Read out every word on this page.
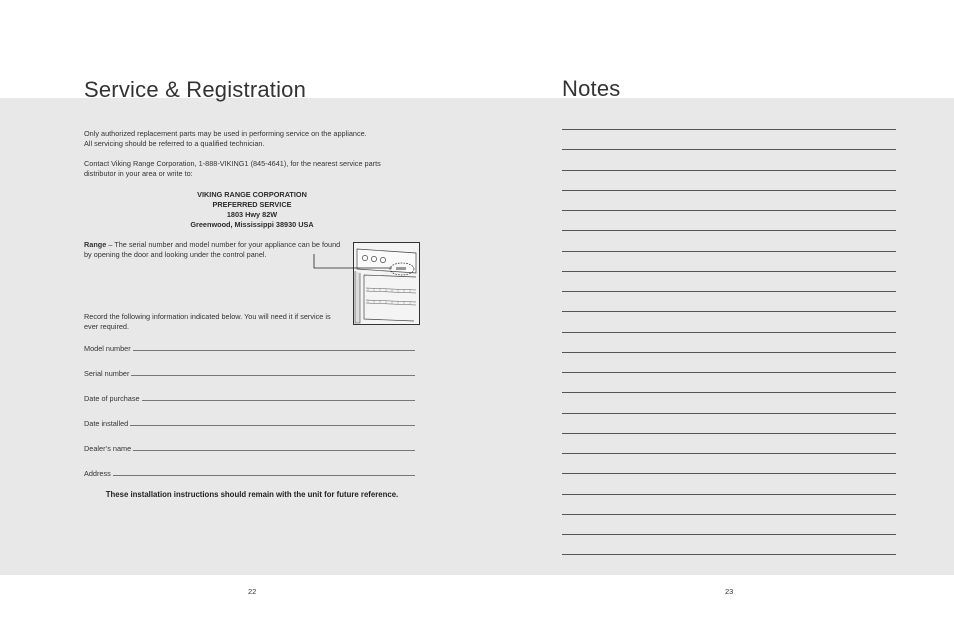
Service & Registration
Only authorized replacement parts may be used in performing service on the appliance.
All servicing should be referred to a qualified technician.
Contact Viking Range Corporation, 1-888-VIKING1 (845-4641), for the nearest service parts
distributor in your area or write to:
VIKING RANGE CORPORATION
PREFERRED SERVICE
1803 Hwy 82W
Greenwood, Mississippi 38930 USA
Range – The serial number and model number for your appliance can be found by opening the door and looking under the control panel.
Record the following information indicated below. You will need it if service is ever required.
Model number
Serial number
Date of purchase
Date installed
Dealer’s name
Address
These installation instructions should remain with the unit for future reference.
22
Notes
23
